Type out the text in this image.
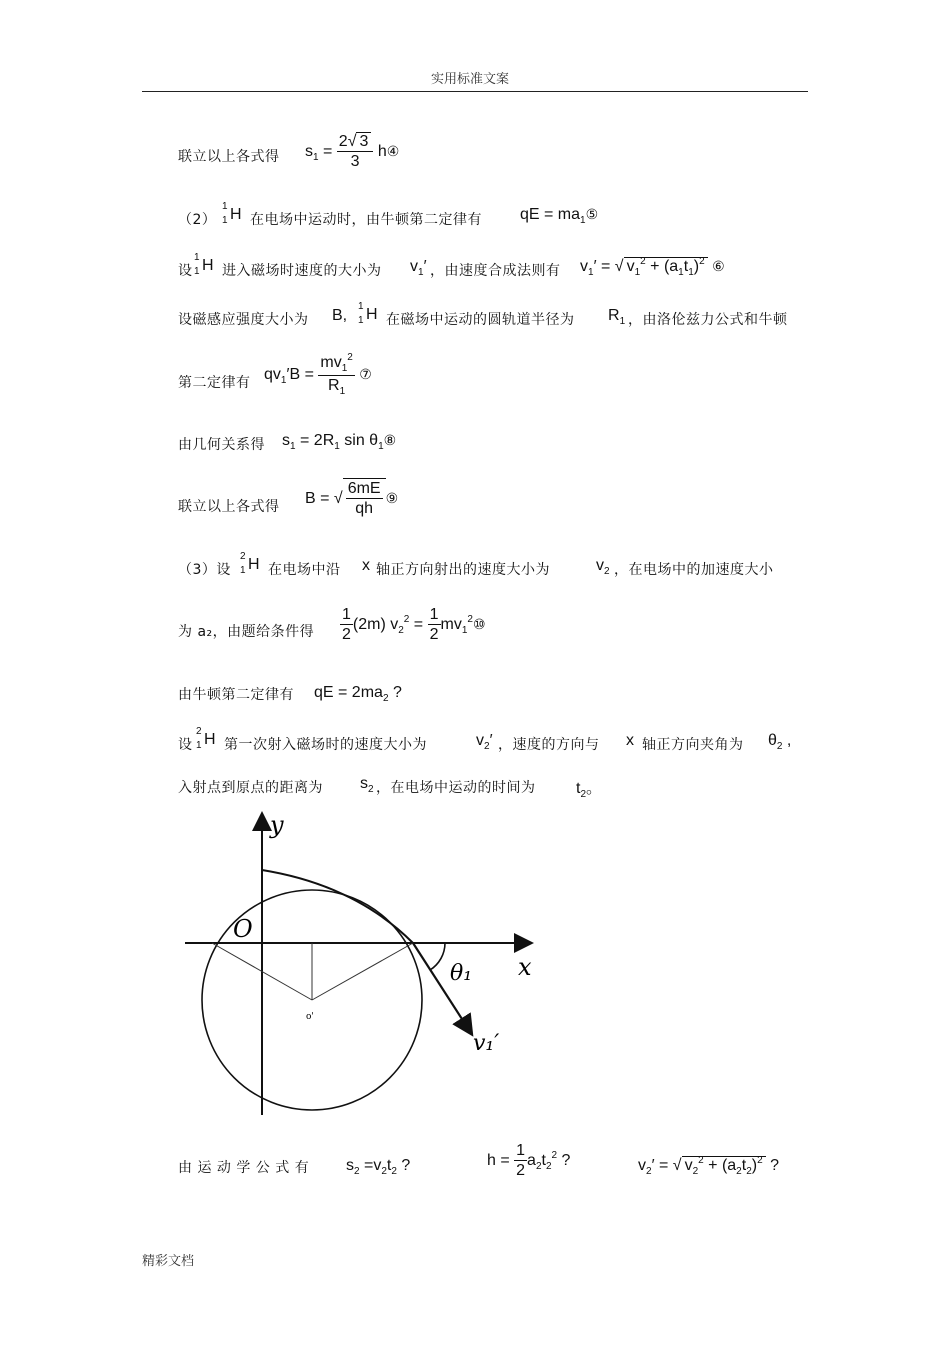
实用标准文案
联立以上各式得 $s_1 = \frac{2√ 3}{3}$ h④
（2）
1
1 H 在电场中运动时，由牛顿第二定律有 qE = $ma_1⑤$
设
1
1 H 进入磁场时速度的大小为 $v_1'$ ，由速度合成法则有 $v_1'$ = √ $v_1^2 + (a_1t_1)^2$ ⑥
设磁感应强度大小为 B,
1
1 H 在磁场中运动的圆轨道半径为 $R_1$ ，由洛伦兹力公式和牛顿
第二定律有 $qv_1'B = \frac{mv_1^2}{R_1}$ ⑦
由几何关系得 $s_1 = 2R_1$ $\sin \theta_1⑧$
联立以上各式得
B = √ $\frac{6mE}{qh}$ ⑨
（3）设
2
1 H 在电场中沿 x 轴正方向射出的速度大小为	$v_2$ ，在电场中的加速度大小
为 a₂，由题给条件得 $\frac{1}{2} (2m) v_2^2 = \frac{1}{2}$ $mv_1^2⑩$
由牛顿第二定律有 qE = $2ma_2$ ?
设
2
1 H 第一次射入磁场时的速度大小为	$v_2'$ ，速度的方向与 x 轴正方向夹角为 $\theta_2$ ,
入射点到原点的距离为 $s_2$ ，在电场中运动的时间为	$t_2$。
y
x
O
o'
θ₁
v₁′
由 运 动 学 公 式 有 $s_2 =v_2t_2$ ?	$h = \frac{1}{2} a_2t_2^2$ ?	$v_2'$ = √ $v_2^2 + (a_2t_2)^2$ ?
精彩文档
